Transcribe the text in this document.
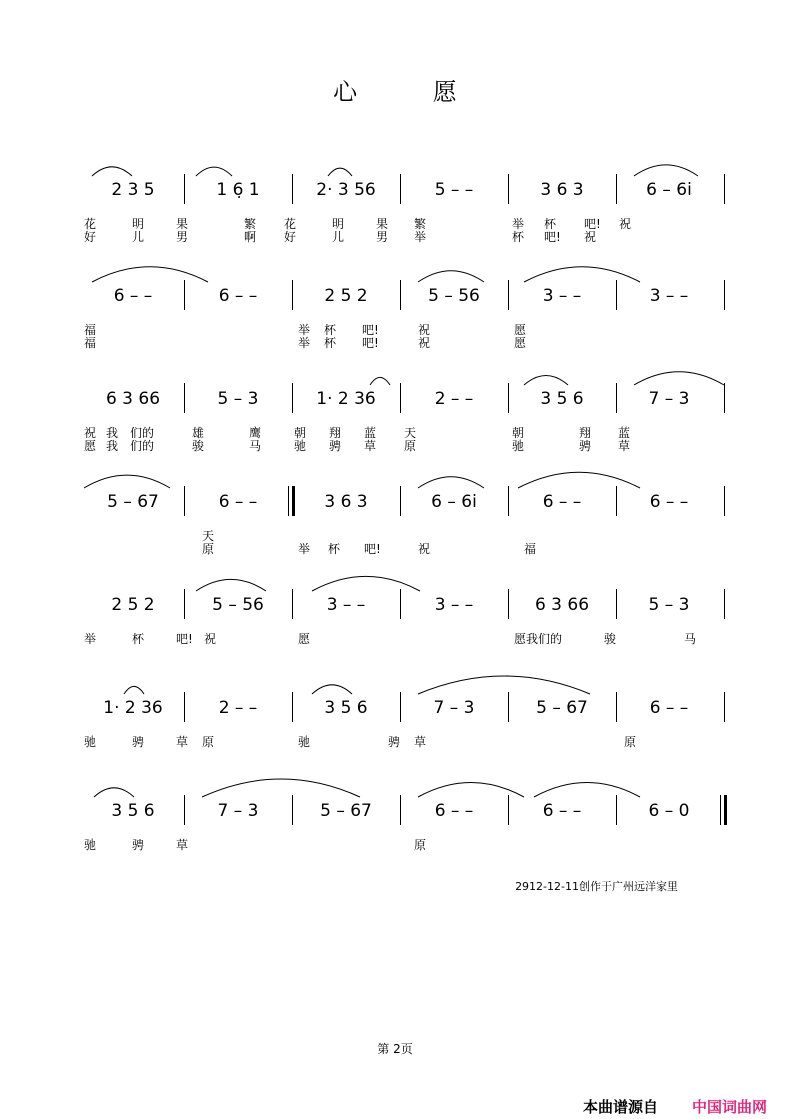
心 愿
2 3 5	1 6̣ 1	2· 3 56	5 – –	3 6 3	6 – 6i̇
花	明	果	繁 花	明	果 繁	举 杯 吧! 祝
好	儿	男	啊 好	儿	男 举	杯 吧! 祝
6 – –	6 – –	2 5 2	5 – 56	3 – –	3 – –
福	举 杯 吧!	祝	愿
福	举 杯 吧!	祝	愿
6 3 66	5 – 3	1· 2 36	2 – –	3 5 6	7 – 3
祝 我 们的	雄	鹰	朝 翔 蓝 天	朝	翔 蓝
愿 我 们的	骏	马	驰 骋 草 原	驰	骋 草
5 – 67	6 – –	3 6 3	6 – 6i̇	6 – –	6 – –
天
原	举 杯 吧!	祝	福
2 5 2	5 – 56	3 – –	3 – –	6 3 66	5 – 3
举	杯	吧! 祝	愿	愿我们的	骏	马
1· 2 36	2 – –	3 5 6	7 – 3	5 – 67	6 – –
驰	骋	草 原	驰	骋 草	原
3 5 6	7 – 3	5 – 67	6 – –	6 – –	6 – 0
驰	骋	草	原
2912-12-11创作于广州远洋家里
第 2页
本曲谱源自 中国词曲网
